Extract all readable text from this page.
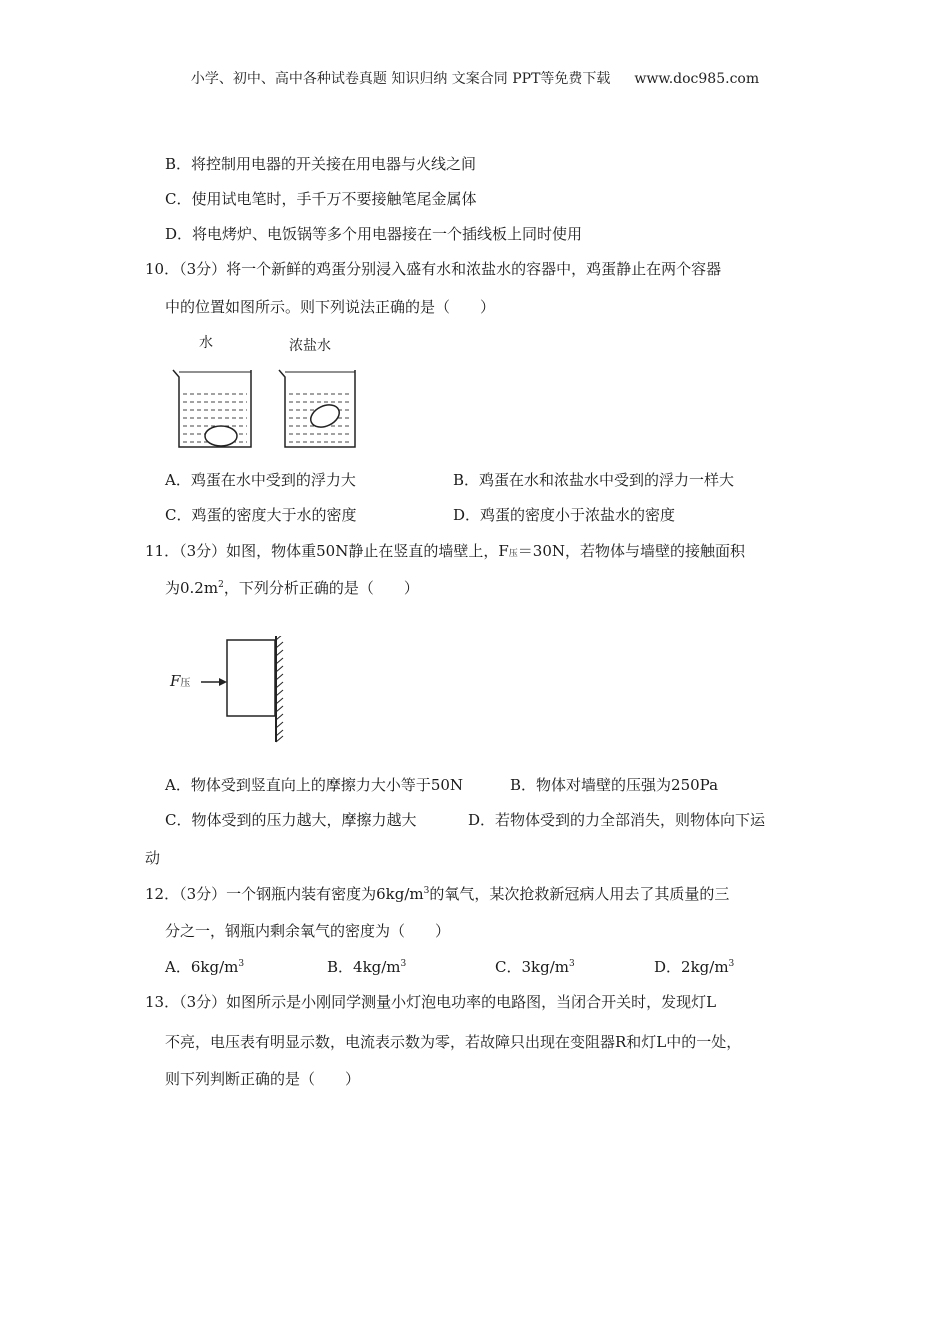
小学、初中、高中各种试卷真题 知识归纳 文案合同 PPT等免费下载 www.doc985.com
B．将控制用电器的开关接在用电器与火线之间
C．使用试电笔时，手千万不要接触笔尾金属体
D．将电烤炉、电饭锅等多个用电器接在一个插线板上同时使用
10．（3分）将一个新鲜的鸡蛋分别浸入盛有水和浓盐水的容器中，鸡蛋静止在两个容器
中的位置如图所示。则下列说法正确的是（　　）
水	浓盐水
A．鸡蛋在水中受到的浮力大	B．鸡蛋在水和浓盐水中受到的浮力一样大
C．鸡蛋的密度大于水的密度	D．鸡蛋的密度小于浓盐水的密度
11．（3分）如图，物体重50N静止在竖直的墙壁上，F压＝30N，若物体与墙壁的接触面积
为$0.2m^2$，下列分析正确的是（　　）
F压
A．物体受到竖直向上的摩擦力大小等于50N	B．物体对墙壁的压强为250Pa
C．物体受到的压力越大，摩擦力越大	D．若物体受到的力全部消失，则物体向下运
动
12．（3分）一个钢瓶内装有密度为$6kg/m^3$的氧气，某次抢救新冠病人用去了其质量的三
分之一，钢瓶内剩余氧气的密度为（　　）
A．$6kg/m^3$	B．$4kg/m^3$	C．$3kg/m^3$	D．$2kg/m^3$
13．（3分）如图所示是小刚同学测量小灯泡电功率的电路图，当闭合开关时，发现灯L
不亮，电压表有明显示数，电流表示数为零，若故障只出现在变阻器R和灯L中的一处，
则下列判断正确的是（　　）
